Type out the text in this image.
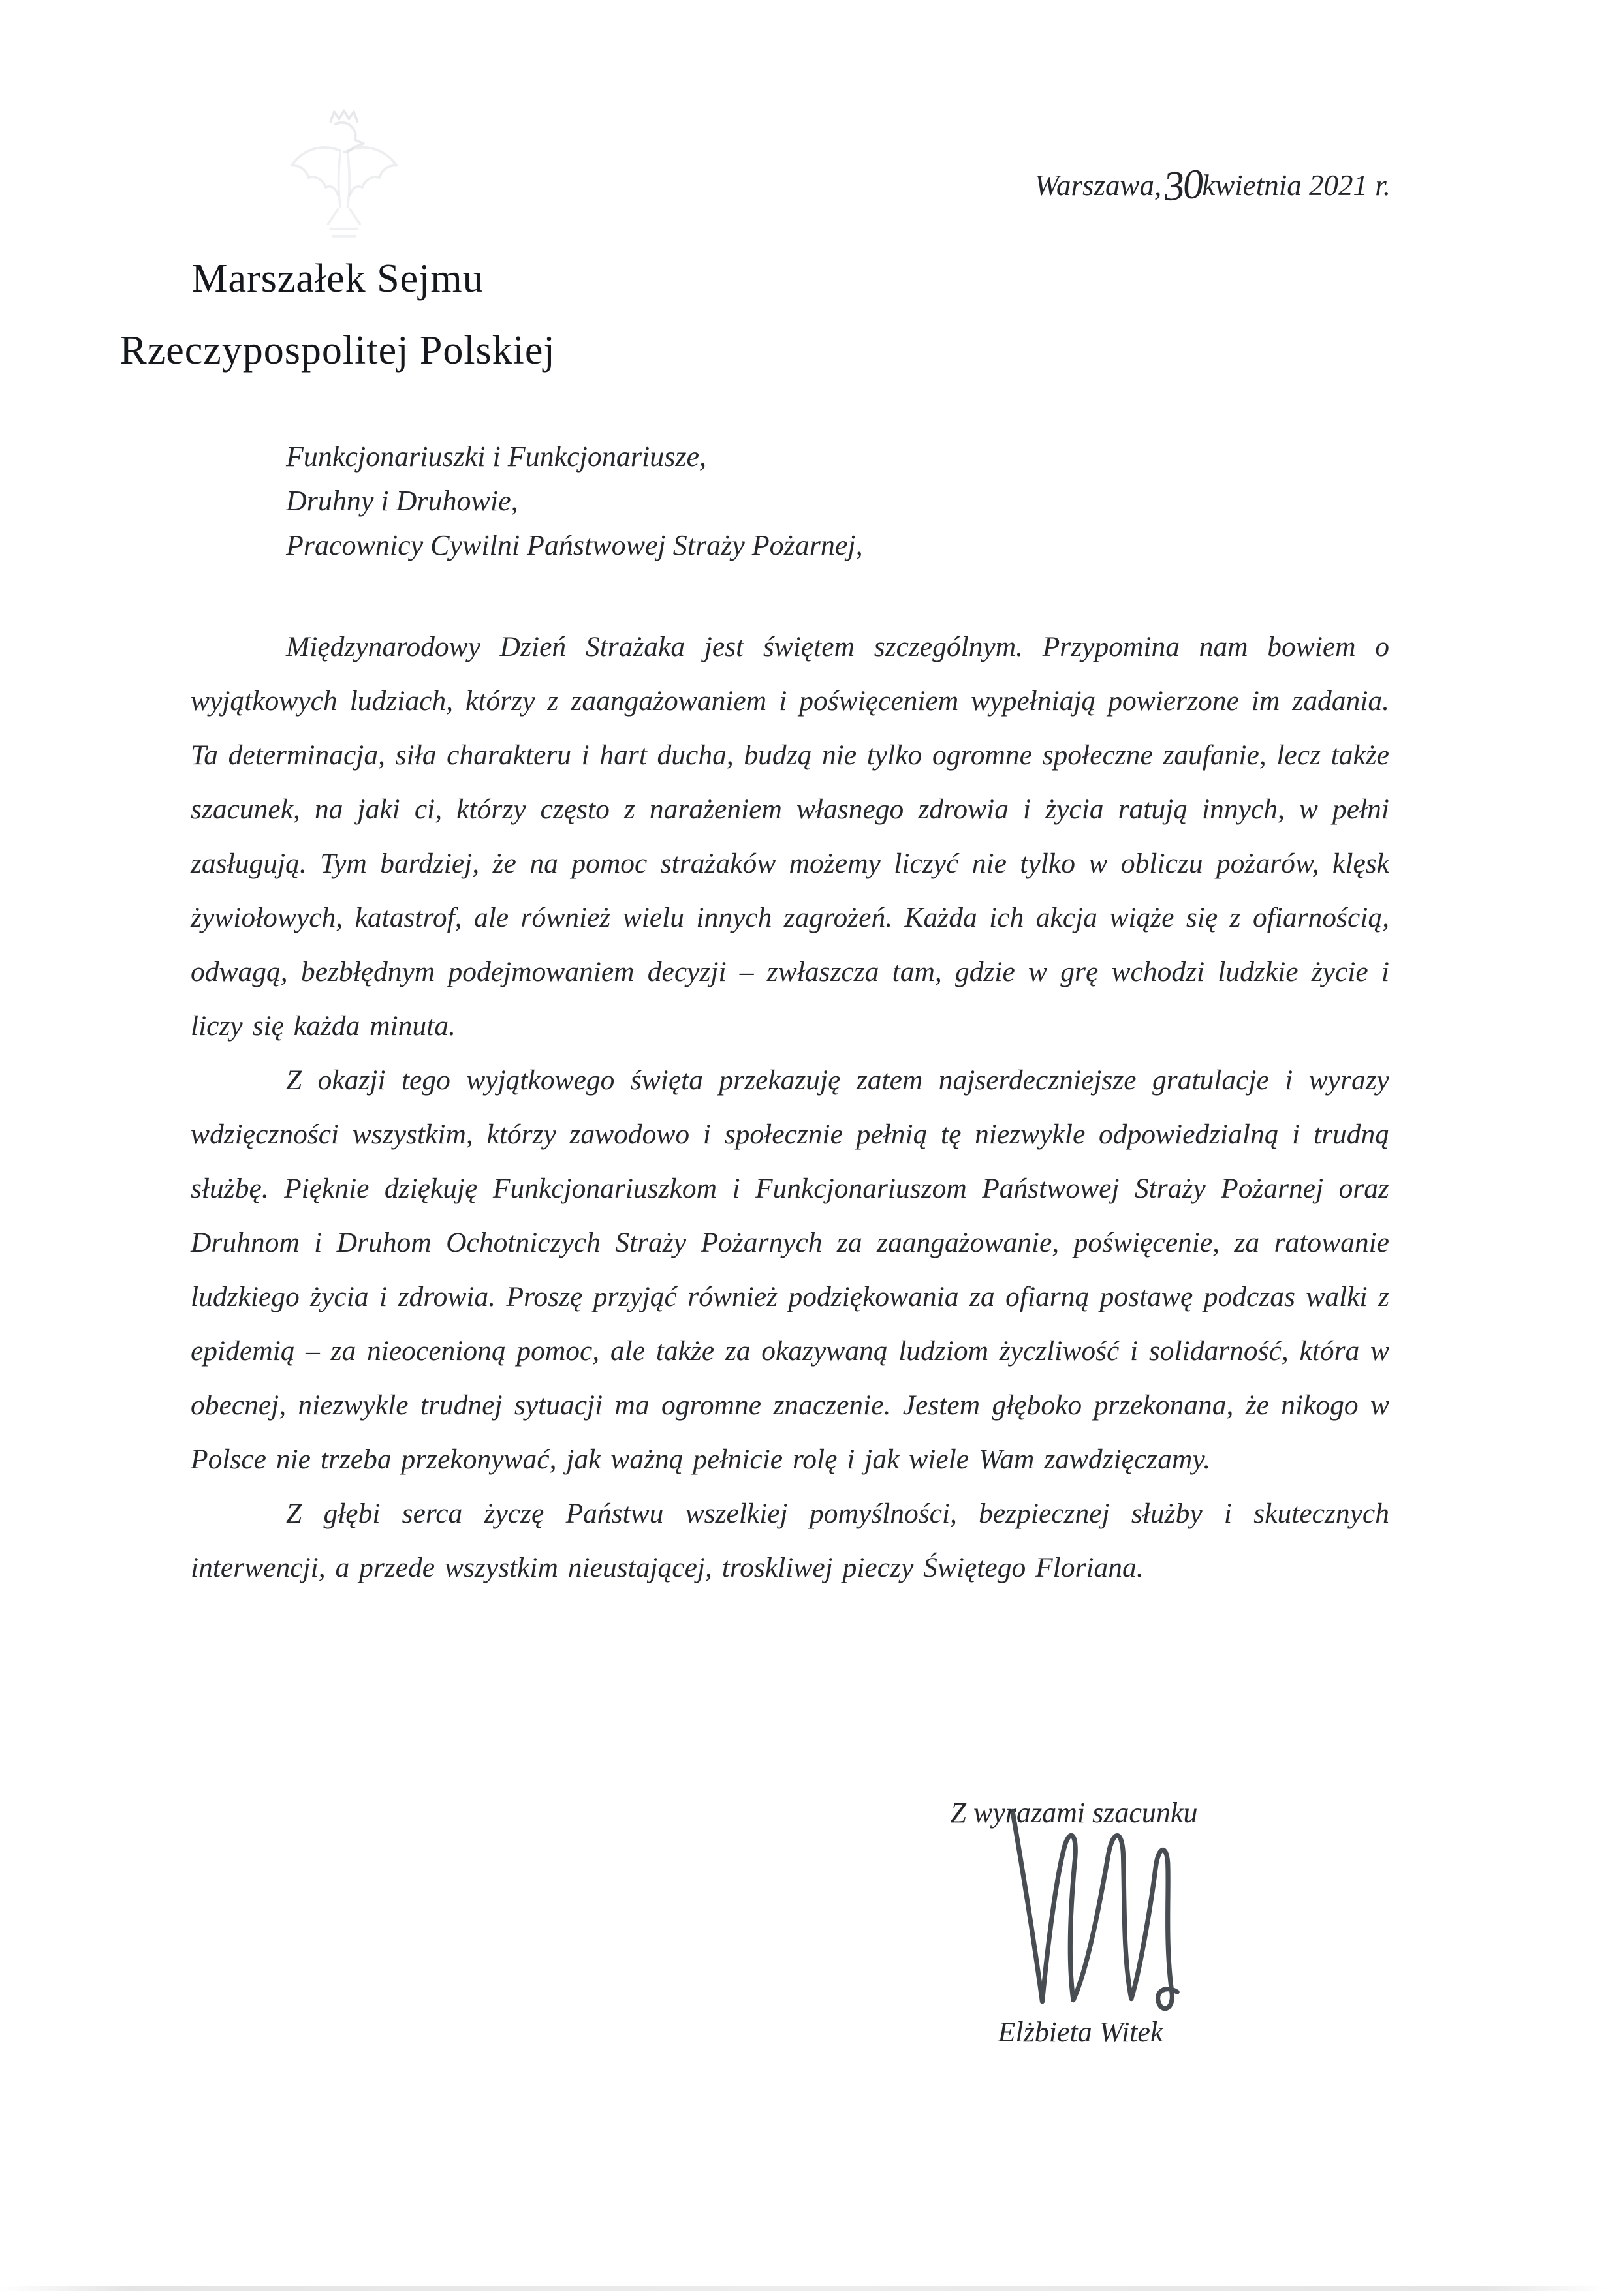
Warszawa,30kwietnia 2021 r.
Marszałek Sejmu
Rzeczypospolitej Polskiej
Funkcjonariuszki i Funkcjonariusze,
Druhny i Druhowie,
Pracownicy Cywilni Państwowej Straży Pożarnej,

Międzynarodowy Dzień Strażaka jest świętem szczególnym. Przypomina nam bowiem o wyjątkowych ludziach, którzy z zaangażowaniem i poświęceniem wypełniają powierzone im zadania. Ta determinacja, siła charakteru i hart ducha, budzą nie tylko ogromne społeczne zaufanie, lecz także szacunek, na jaki ci, którzy często z narażeniem własnego zdrowia i życia ratują innych, w pełni zasługują. Tym bardziej, że na pomoc strażaków możemy liczyć nie tylko w obliczu pożarów, klęsk żywiołowych, katastrof, ale również wielu innych zagrożeń. Każda ich akcja wiąże się z ofiarnością, odwagą, bezbłędnym podejmowaniem decyzji – zwłaszcza tam, gdzie w grę wchodzi ludzkie życie i liczy się każda minuta.

Z okazji tego wyjątkowego święta przekazuję zatem najserdeczniejsze gratulacje i wyrazy wdzięczności wszystkim, którzy zawodowo i społecznie pełnią tę niezwykle odpowiedzialną i trudną służbę. Pięknie dziękuję Funkcjonariuszkom i Funkcjonariuszom Państwowej Straży Pożarnej oraz Druhnom i Druhom Ochotniczych Straży Pożarnych za zaangażowanie, poświęcenie, za ratowanie ludzkiego życia i zdrowia. Proszę przyjąć również podziękowania za ofiarną postawę podczas walki z epidemią – za nieocenioną pomoc, ale także za okazywaną ludziom życzliwość i solidarność, która w obecnej, niezwykle trudnej sytuacji ma ogromne znaczenie. Jestem głęboko przekonana, że nikogo w Polsce nie trzeba przekonywać, jak ważną pełnicie rolę i jak wiele Wam zawdzięczamy.

Z głębi serca życzę Państwu wszelkiej pomyślności, bezpiecznej służby i skutecznych interwencji, a przede wszystkim nieustającej, troskliwej pieczy Świętego Floriana.

Z wyrazami szacunku
Elżbieta Witek
